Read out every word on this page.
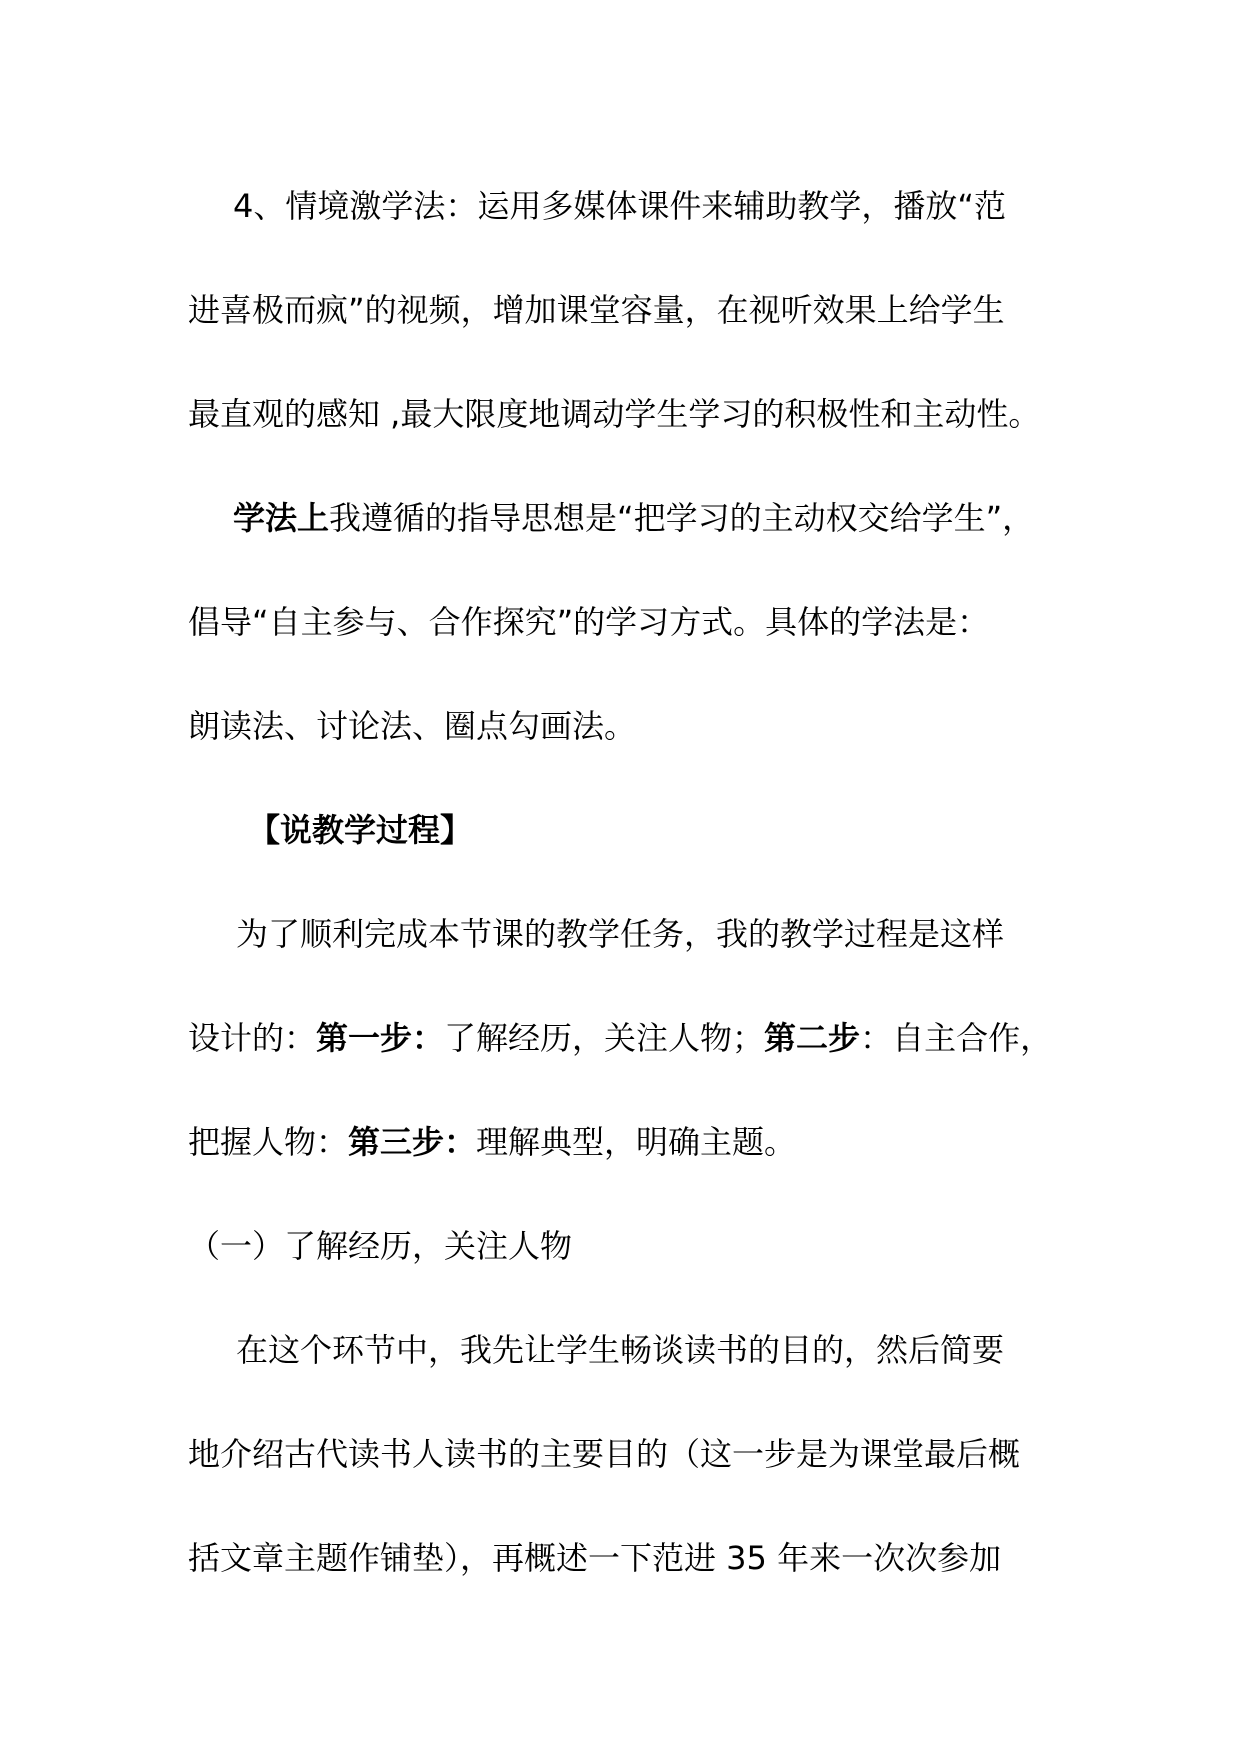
4、情境激学法：运用多媒体课件来辅助教学，播放“范
进喜极而疯”的视频，增加课堂容量，在视听效果上给学生
最直观的感知 ,最大限度地调动学生学习的积极性和主动性。
学法上我遵循的指导思想是“把学习的主动权交给学生”，
倡导“自主参与、合作探究”的学习方式。具体的学法是：
朗读法、讨论法、圈点勾画法。
【说教学过程】
为了顺利完成本节课的教学任务，我的教学过程是这样
设计的：第一步：了解经历，关注人物；第二步：自主合作，
把握人物：第三步：理解典型，明确主题。
（一）了解经历，关注人物
在这个环节中，我先让学生畅谈读书的目的，然后简要
地介绍古代读书人读书的主要目的（这一步是为课堂最后概
括文章主题作铺垫），再概述一下范进 35 年来一次次参加
